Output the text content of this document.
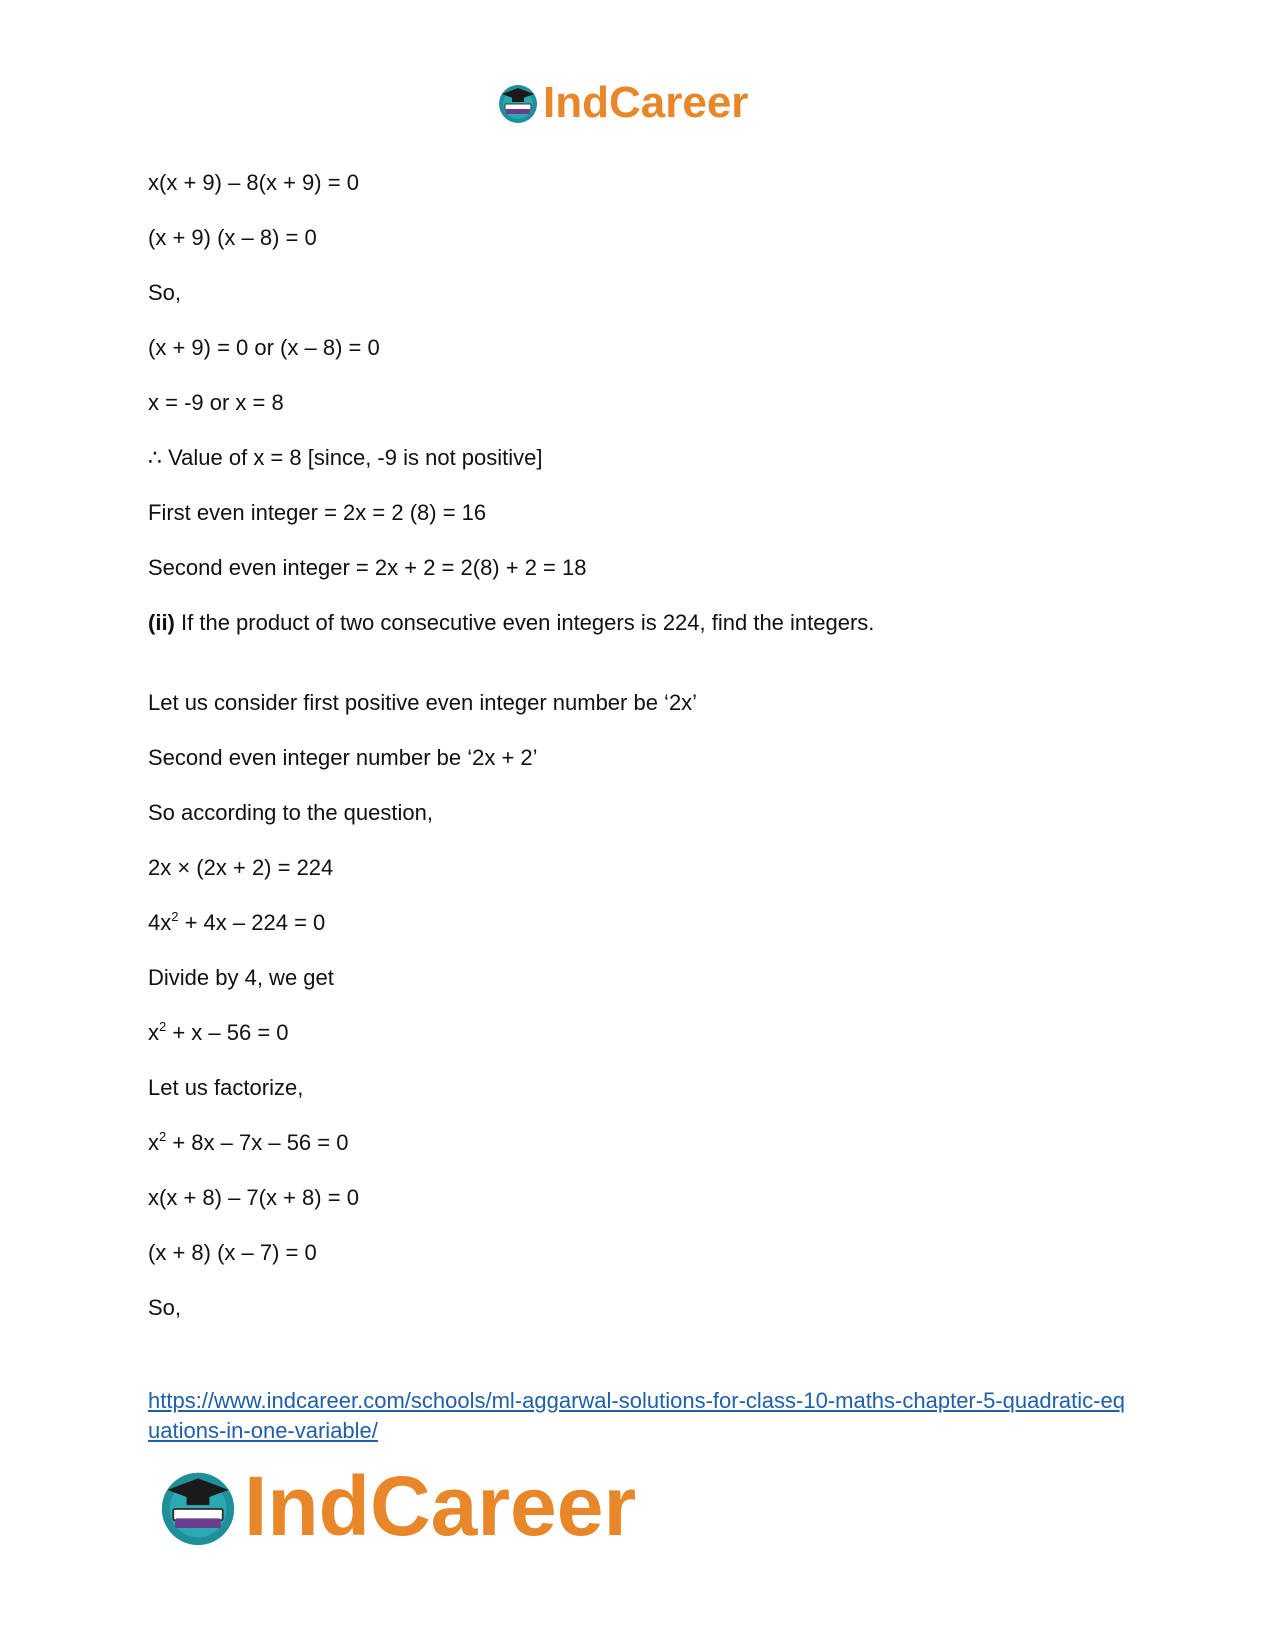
IndCareer
x(x + 9) – 8(x + 9) = 0
(x + 9) (x – 8) = 0
So,
(x + 9) = 0 or (x – 8) = 0
x = -9 or x = 8
∴ Value of x = 8 [since, -9 is not positive]
First even integer = 2x = 2 (8) = 16
Second even integer = 2x + 2 = 2(8) + 2 = 18
(ii) If the product of two consecutive even integers is 224, find the integers.
Let us consider first positive even integer number be ‘2x’
Second even integer number be ‘2x + 2’
So according to the question,
2x × (2x + 2) = 224
$4x^2 + 4x - 224 = 0$
Divide by 4, we get
$x^2 + x - 56 = 0$
Let us factorize,
$x^2 + 8x - 7x - 56 = 0$
x(x + 8) – 7(x + 8) = 0
(x + 8) (x – 7) = 0
So,
https://www.indcareer.com/schools/ml-aggarwal-solutions-for-class-10-maths-chapter-5-quadratic-equations-in-one-variable/
IndCareer
